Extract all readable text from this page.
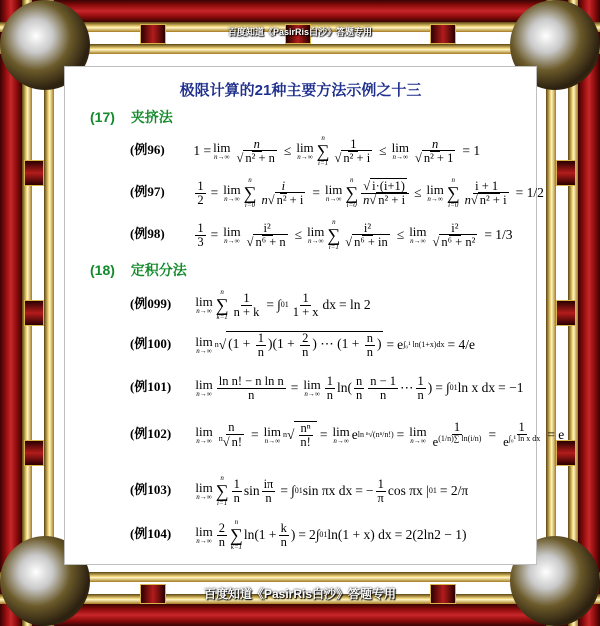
百度知道《PasirRis白沙》答题专用
百度知道《PasirRis白沙》答题专用
极限计算的21种主要方法示例之十三
(17) 夹挤法
(例96) 1 = lim
$n\to\infty \frac{n}{\text{√ n² + n}} \le \lim$
n→∞
n
∑
$i=1 \frac{1}{\text{√ n² + i}} \le \lim$
$n\to\infty \frac{n}{\text{√ n² + 1}} = 1$
(例$97) \frac{1}{2} = \lim$
n→∞
n
∑
$i=0 \frac{i}{\text{n√ n² + i}} = \lim$
n→∞
n
∑
$i=0 \frac{√ i\cdot(i+1)}{\text{n√ n² + i}} \le \lim$
n→∞
n
∑
$i=0 \frac{i + 1}{\text{n√ n² + i}} = 1/2$
(例$98) \frac{1}{3} = \lim$
$n\to\infty \frac{\text{i²}}{\text{√ n⁶ + n}} \le \lim$
n→∞
n
∑
$i=1 \frac{\text{i²}}{\text{√ n⁶ + in}} \le \lim$
$n\to\infty \frac{\text{i²}}{\text{√ n⁶ + n²}} = 1/3$
(18) 定积分法
(例099) lim
n→∞
n
∑
$k=1 \frac{1}{n + k}$ = ∫ 0 $1 \frac{1}{1 + x}$ dx = ln 2
(例100) lim
n→∞
n √ $(1 + \frac{1}{n} )(1 + \frac{2}{n}$ ) ⋯ ($1 + \frac{n}{n}$ ) = e ∫₀¹ ln(1+x)dx = 4/e
(例101) lim
$n\to\infty \frac{\text{ln n! − n ln n}}{n} = \lim$
$n\to\infty \frac{1}{n} \ln( \frac{n}{n} \frac{n - 1}{n}$ ⋯ $\frac{1}{n}$ ) = ∫ 0 1 ln x dx = −1
(例102) lim
$n\to\infty \frac{n}{^n√ n!} = \lim$
n→∞
n √ $\frac{\text{nⁿ}}{n!} = \lim$
n→∞ e ln ⁿ√(nⁿ/n!) = lim
$n\to\infty \frac{1}{e^{(1/n)\sum ln(i/n)}} = \frac{1}{e^{\int_0^1 ln x dx}} = e$
(例103) lim
n→∞
n
∑
$i=1 \frac{1}{n}$ $\sin \frac{i\pi}{n}$ = ∫ 0 1 sin πx dx = − $\frac{1}{\pi}$ cos πx | 0 1 = 2/π
(例104) lim
$n\to\infty \frac{2}{n}$ n
∑
k=1
$\ln(1 + \frac{k}{n}$ ) = 2∫ 0 1 ln(1 + x) dx = 2(2ln2 − 1)
